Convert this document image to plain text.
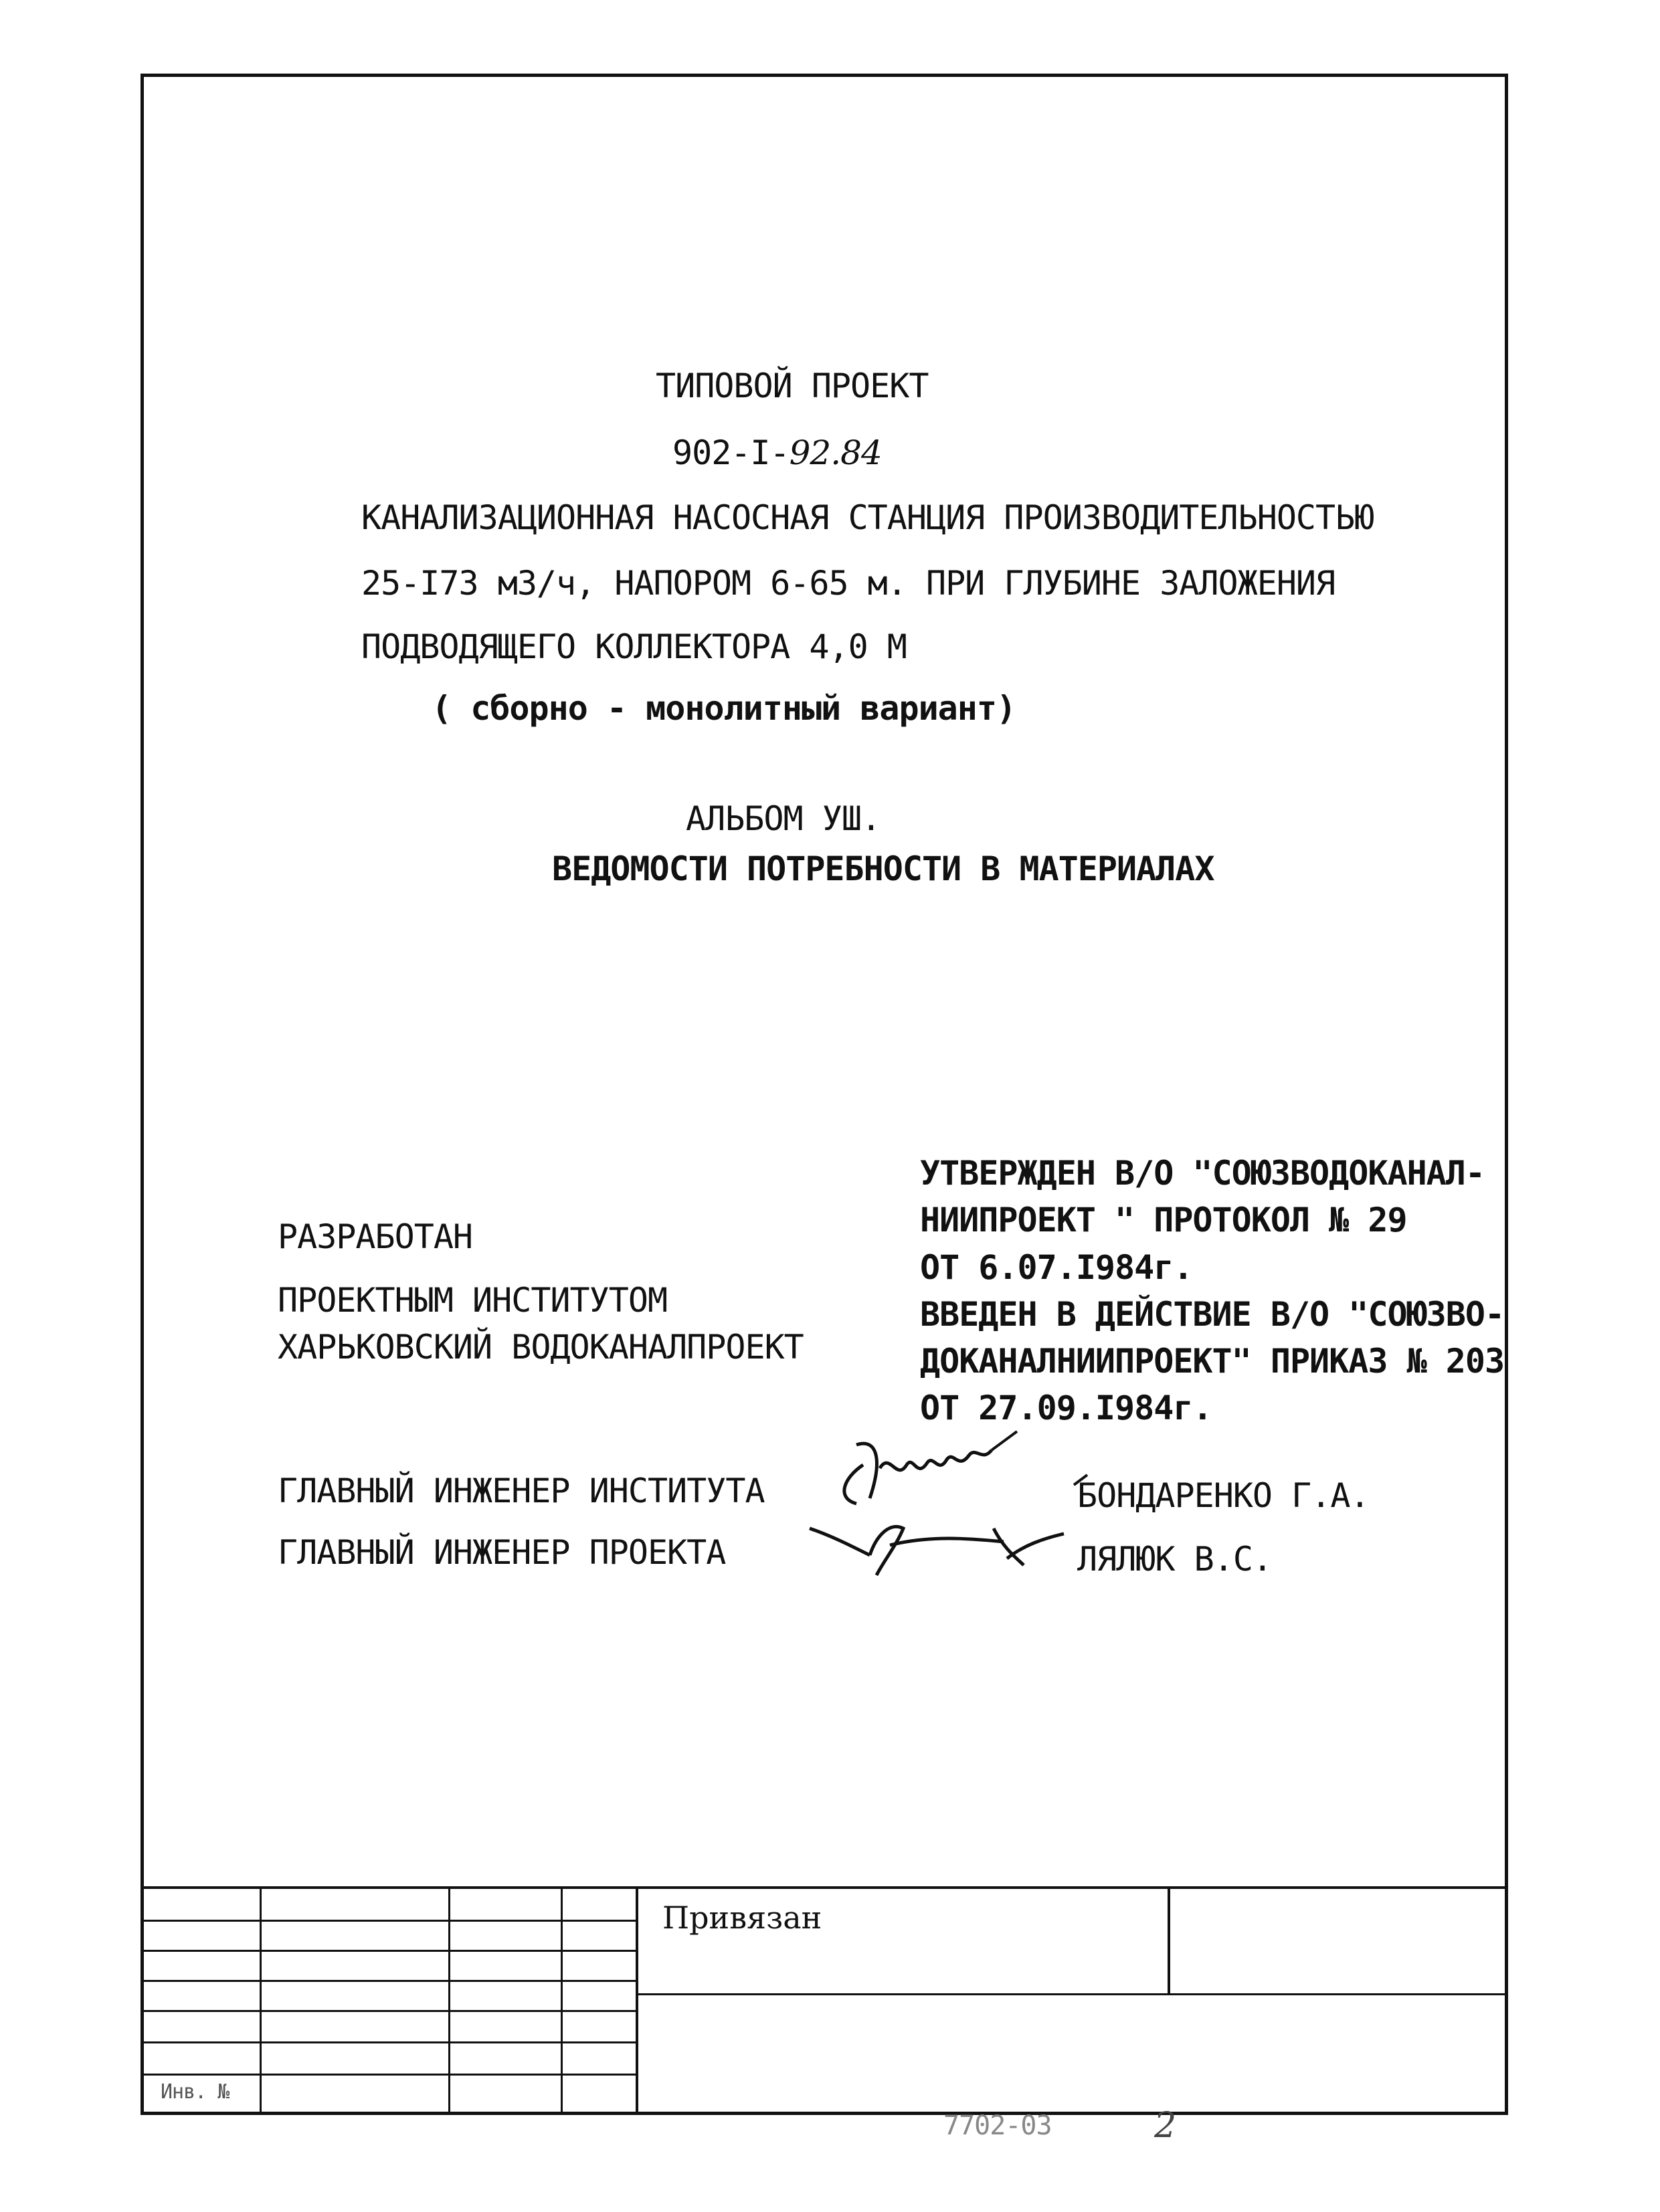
ТИПОВОЙ ПРОЕКТ
902-I-92.84
КАНАЛИЗАЦИОННАЯ НАСОСНАЯ СТАНЦИЯ ПРОИЗВОДИТЕЛЬНОСТЬЮ
25-I73 м3/ч, НАПОРОМ 6-65 м. ПРИ ГЛУБИНЕ ЗАЛОЖЕНИЯ
ПОДВОДЯЩЕГО КОЛЛЕКТОРА 4,0 М
( сборно - монолитный вариант)
АЛЬБОМ УШ.
ВЕДОМОСТИ ПОТРЕБНОСТИ В МАТЕРИАЛАХ
УТВЕРЖДЕН В/О "СОЮЗВОДОКАНАЛ-
НИИПРОЕКТ " ПРОТОКОЛ № 29
ОТ 6.07.I984г.
ВВЕДЕН В ДЕЙСТВИЕ В/О "СОЮЗВО-
ДОКАНАЛНИИПРОЕКТ" ПРИКАЗ № 203
ОТ 27.09.I984г.
РАЗРАБОТАН
ПРОЕКТНЫМ ИНСТИТУТОМ
ХАРЬКОВСКИЙ ВОДОКАНАЛПРОЕКТ
ГЛАВНЫЙ ИНЖЕНЕР ИНСТИТУТА	БОНДАРЕНКО Г.А.
ГЛАВНЫЙ ИНЖЕНЕР ПРОЕКТА	ЛЯЛЮК В.С.
Привязан
Инв. №
7702-03	2
